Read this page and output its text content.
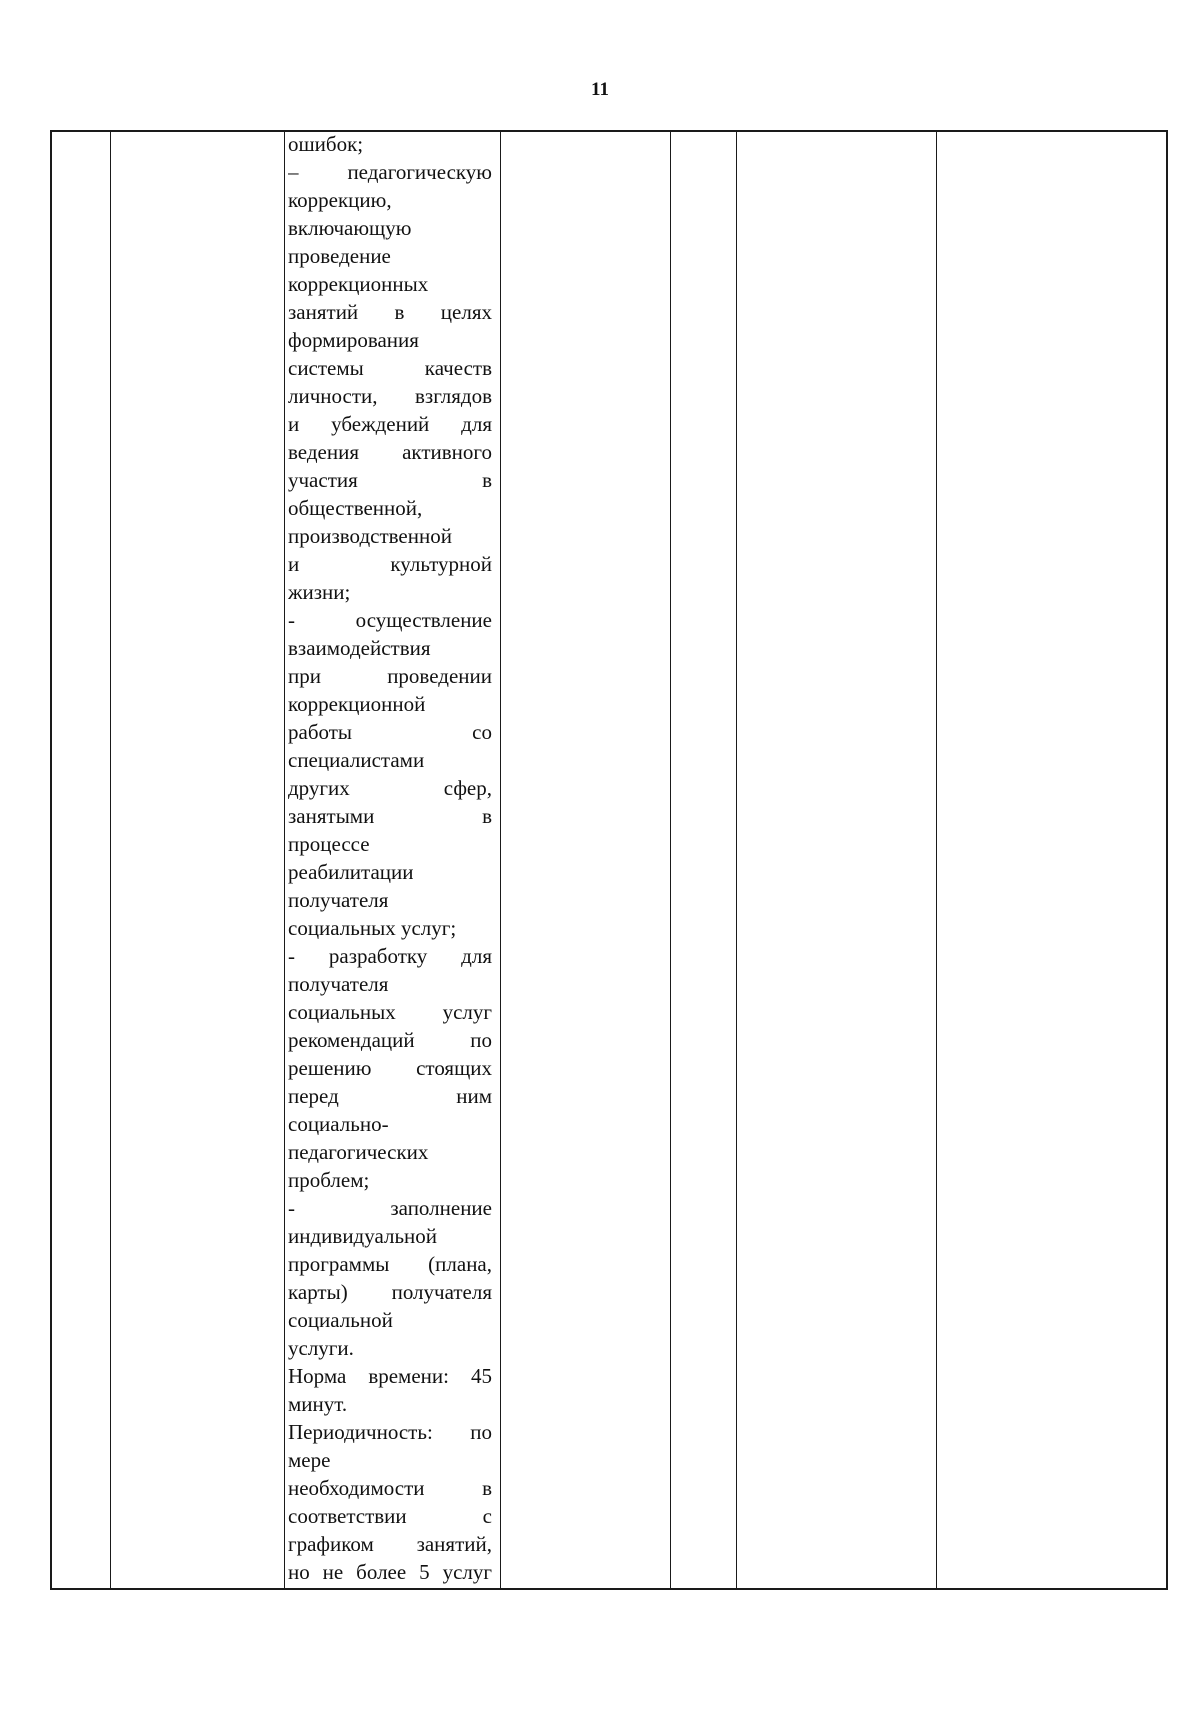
11
ошибок;
– педагогическую
коррекцию,
включающую
проведение
коррекционных
занятий в целях
формирования
системы качеств
личности, взглядов
и убеждений для
ведения активного
участия в
общественной,
производственной
и культурной
жизни;
- осуществление
взаимодействия
при проведении
коррекционной
работы со
специалистами
других сфер,
занятыми в
процессе
реабилитации
получателя
социальных услуг;
- разработку для
получателя
социальных услуг
рекомендаций по
решению стоящих
перед ним
социально-
педагогических
проблем;
- заполнение
индивидуальной
программы (плана,
карты) получателя
социальной
услуги.
Норма времени: 45
минут.
Периодичность: по
мере
необходимости в
соответствии с
графиком занятий,
но не более 5 услуг
